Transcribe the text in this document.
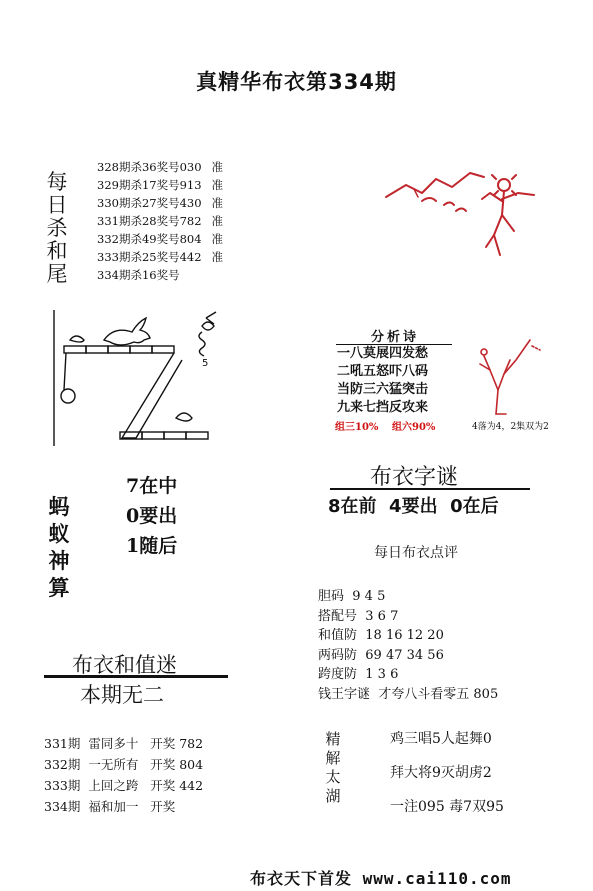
真精华布衣第334期
每
日
杀
和
尾
328期杀36奖号030 准
329期杀17奖号913 准
330期杀27奖号430 准
331期杀28奖号782 准
332期杀49奖号804 准
333期杀25奖号442 准
334期杀16奖号
5
分析诗
一八莫展四发愁
二吼五怒吓八码
当防三六猛突击
九来七挡反攻来
组三10% 组六90%	4落为4，2集双为2
蚂
蚁
神
算
7在中
0要出
1随后
布衣字谜
8在前  4要出  0在后
每日布衣点评
胆码 9 4 5
搭配号 3 6 7
和值防 18 16 12 20
两码防 69 47 34 56
跨度防 1 3 6
钱王字谜 才夸八斗看零五 805
布衣和值迷
本期无二
331期 雷同多十 开奖 782
332期 一无所有 开奖 804
333期 上回之跨 开奖 442
334期 福和加一 开奖
精
解
太
湖
鸡三唱5人起舞0
拜大将9灭胡虏2
一注095 毒7双95
布衣天下首发 www.cai110.com
